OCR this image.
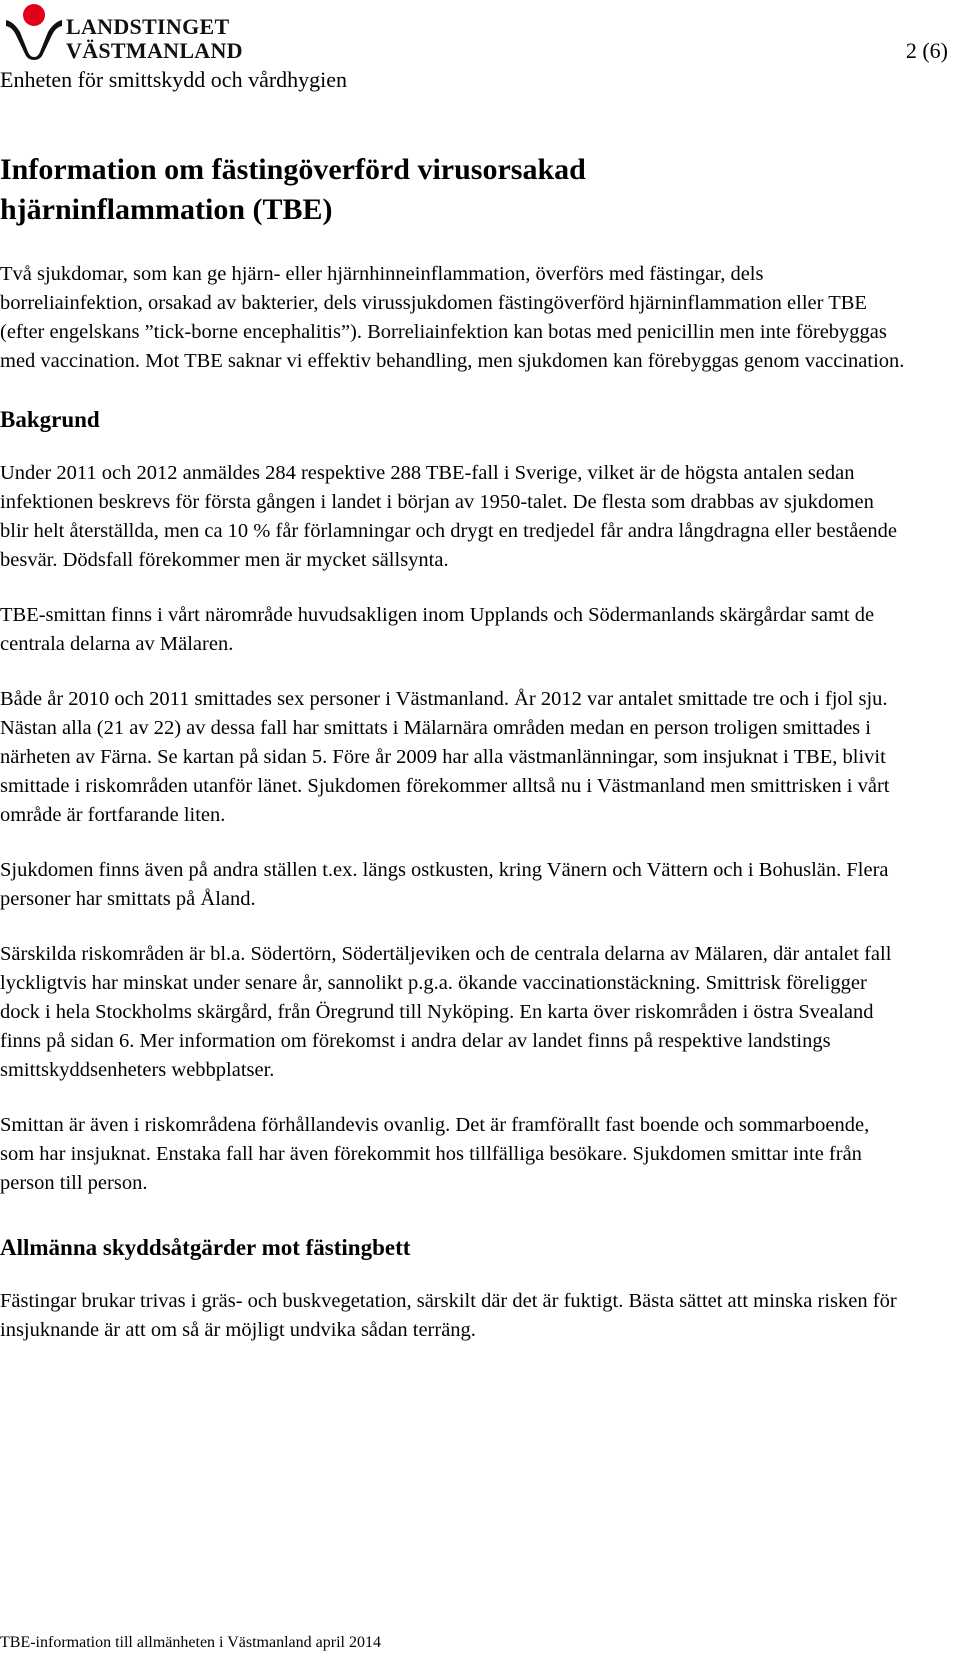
LANDSTINGET
VÄSTMANLAND	2 (6)
Enheten för smittskydd och vårdhygien
Information om fästingöverförd virusorsakad
hjärninflammation (TBE)

Två sjukdomar, som kan ge hjärn- eller hjärnhinneinflammation, överförs med fästingar, dels borreliainfektion, orsakad av bakterier, dels virussjukdomen fästingöverförd hjärninflammation eller TBE (efter engelskans ”tick-borne encephalitis”). Borreliainfektion kan botas med penicillin men inte förebyggas med vaccination. Mot TBE saknar vi effektiv behandling, men sjukdomen kan förebyggas genom vaccination.

Bakgrund

Under 2011 och 2012 anmäldes 284 respektive 288 TBE-fall i Sverige, vilket är de högsta antalen sedan infektionen beskrevs för första gången i landet i början av 1950-talet. De flesta som drabbas av sjukdomen blir helt återställda, men ca 10 % får förlamningar och drygt en tredjedel får andra långdragna eller bestående besvär. Dödsfall förekommer men är mycket sällsynta.

TBE-smittan finns i vårt närområde huvudsakligen inom Upplands och Södermanlands skärgårdar samt de centrala delarna av Mälaren.

Både år 2010 och 2011 smittades sex personer i Västmanland. År 2012 var antalet smittade tre och i fjol sju. Nästan alla (21 av 22) av dessa fall har smittats i Mälarnära områden medan en person troligen smittades i närheten av Färna. Se kartan på sidan 5. Före år 2009 har alla västmanlänningar, som insjuknat i TBE, blivit smittade i riskområden utanför länet. Sjukdomen förekommer alltså nu i Västmanland men smittrisken i vårt område är fortfarande liten.

Sjukdomen finns även på andra ställen t.ex. längs ostkusten, kring Vänern och Vättern och i Bohuslän. Flera personer har smittats på Åland.

Särskilda riskområden är bl.a. Södertörn, Södertäljeviken och de centrala delarna av Mälaren, där antalet fall lyckligtvis har minskat under senare år, sannolikt p.g.a. ökande vaccinationstäckning. Smittrisk föreligger dock i hela Stockholms skärgård, från Öregrund till Nyköping. En karta över riskområden i östra Svealand finns på sidan 6. Mer information om förekomst i andra delar av landet finns på respektive landstings smittskyddsenheters webbplatser.

Smittan är även i riskområdena förhållandevis ovanlig. Det är framförallt fast boende och sommarboende, som har insjuknat. Enstaka fall har även förekommit hos tillfälliga besökare. Sjukdomen smittar inte från person till person.

Allmänna skyddsåtgärder mot fästingbett

Fästingar brukar trivas i gräs- och buskvegetation, särskilt där det är fuktigt. Bästa sättet att minska risken för insjuknande är att om så är möjligt undvika sådan terräng.

TBE-information till allmänheten i Västmanland april 2014
